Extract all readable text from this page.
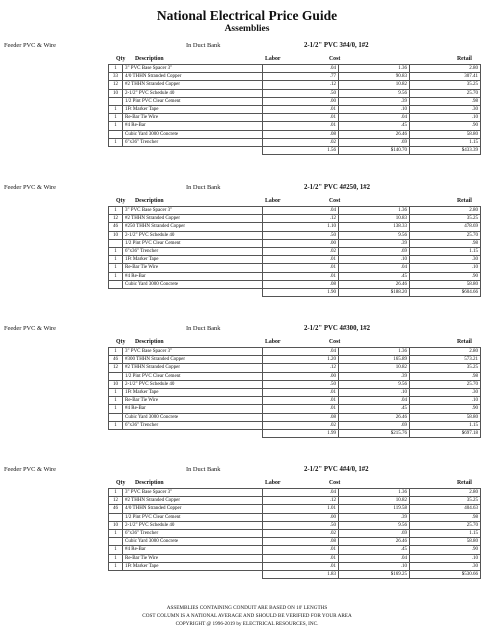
National Electrical Price Guide
Assemblies
Feeder PVC & Wire	In Duct Bank	2-1/2" PVC 3#4/0, 1#2
Qty Description	Labor	Cost	Retail
1	3" PVC Base Spacer 3"	.04	1.36	2.80
33	4/0 THHN Stranded Copper	.77	90.83	307.41
12	#2 THHN Stranded Copper	.12	10.82	35.25
10	2-1/2" PVC Schedule 40	.50	9.56	25.70
	1/2 Pint PVC Clear Cement	.00	.39	.98
1	1Ft Marker Tape	.01	.10	.30
1	Re-Bar Tie Wire	.01	.04	.10
1	#4 Re-Bar	.01	.45	.90
	Cubic Yard 3000 Concrete	.08	26.46	58.80
1	6"x36" Trencher	.02	.69	1.15
		1.56	$140.70	$433.39
Feeder PVC & Wire	In Duct Bank	2-1/2" PVC 4#250, 1#2
Qty Description	Labor	Cost	Retail
1	3" PVC Base Spacer 3"	.04	1.36	2.80
12	#2 THHN Stranded Copper	.12	10.83	35.25
46	#250 THHN Stranded Copper	1.10	138.33	478.69
10	2-1/2" PVC Schedule 40	.50	9.56	25.70
	1/2 Pint PVC Clear Cement	.00	.39	.98
1	6"x36" Trencher	.02	.69	1.15
1	1Ft Marker Tape	.01	.10	.30
1	Re-Bar Tie Wire	.01	.04	.10
1	#4 Re-Bar	.01	.45	.90
	Cubic Yard 3000 Concrete	.08	26.46	58.80
		1.90	$188.20	$604.66
Feeder PVC & Wire	In Duct Bank	2-1/2" PVC 4#300, 1#2
Qty Description	Labor	Cost	Retail
1	3" PVC Base Spacer 3"	.04	1.36	2.80
46	#300 THHN Stranded Copper	1.20	165.89	573.21
12	#2 THHN Stranded Copper	.12	10.82	35.25
	1/2 Pint PVC Clear Cement	.00	.39	.98
10	2-1/2" PVC Schedule 40	.50	9.56	25.70
1	1Ft Marker Tape	.01	.10	.30
1	Re-Bar Tie Wire	.01	.04	.10
1	#4 Re-Bar	.01	.45	.90
	Cubic Yard 3000 Concrete	.08	26.46	58.80
1	6"x36" Trencher	.02	.69	1.15
		1.99	$215.76	$697.18
Feeder PVC & Wire	In Duct Bank	2-1/2" PVC 4#4/0, 1#2
Qty Description	Labor	Cost	Retail
1	3" PVC Base Spacer 3"	.04	1.36	2.80
12	#2 THHN Stranded Copper	.12	10.82	35.25
46	4/0 THHN Stranded Copper	1.01	119.58	404.63
	1/2 Pint PVC Clear Cement	.00	.39	.98
10	2-1/2" PVC Schedule 40	.50	9.56	25.70
1	6"x36" Trencher	.02	.69	1.15
	Cubic Yard 3000 Concrete	.08	26.46	58.80
1	#4 Re-Bar	.01	.45	.90
1	Re-Bar Tie Wire	.01	.04	.10
1	1Ft Marker Tape	.01	.10	.30
		1.83	$169.25	$530.66
ASSEMBLIES CONTAINING CONDUIT ARE BASED ON 10' LENGTHS
COST COLUMN IS A NATIONAL AVERAGE AND SHOULD BE VERIFIED FOR YOUR AREA
COPYRIGHT @ 1996-2019 by ELECTRICAL RESOURCES, INC.
